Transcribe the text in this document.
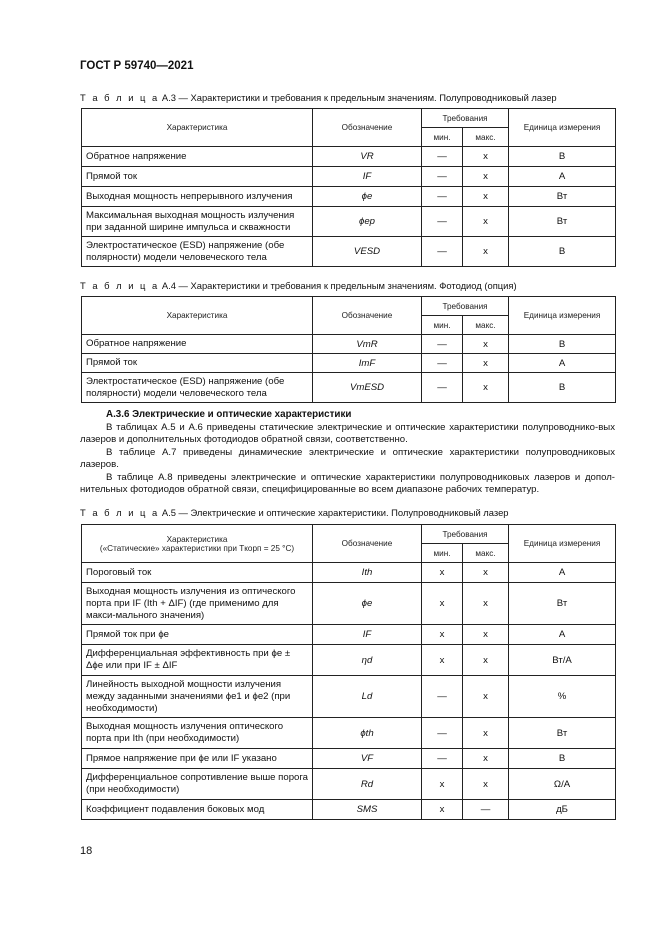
ГОСТ Р 59740—2021
Т а б л и ц а А.3 — Характеристики и требования к предельным значениям. Полупроводниковый лазер
Характеристика	Обозначение	Требования		Единица измерения
		мин.	макс.	
Обратное напряжение	VR	—	x	В
Прямой ток	IF	—	x	А
Выходная мощность непрерывного излучения	ϕe	—	x	Вт
Максимальная выходная мощность излучения при заданной ширине импульса и скважности	ϕep	—	x	Вт
Электростатическое (ESD) напряжение (обе полярности) модели человеческого тела	VESD	—	x	В
Т а б л и ц а А.4 — Характеристики и требования к предельным значениям. Фотодиод (опция)
Характеристика	Обозначение	Требования		Единица измерения
		мин.	макс.	
Обратное напряжение	VmR	—	x	В
Прямой ток	ImF	—	x	А
Электростатическое (ESD) напряжение (обе полярности) модели человеческого тела	VmESD	—	x	В
А.3.6 Электрические и оптические характеристики
В таблицах А.5 и А.6 приведены статические электрические и оптические характеристики полупроводнико-вых лазеров и дополнительных фотодиодов обратной связи, соответственно.
В таблице А.7 приведены динамические электрические и оптические характеристики полупроводниковых лазеров.
В таблице А.8 приведены электрические и оптические характеристики полупроводниковых лазеров и допол-нительных фотодиодов обратной связи, специфицированные во всем диапазоне рабочих температур.
Т а б л и ц а А.5 — Электрические и оптические характеристики. Полупроводниковый лазер
Характеристика
(«Статические» характеристики при Tкорп = 25 °С)	Обозначение	Требования		Единица измерения
		мин.	макс.	
Пороговый ток	Ith	x	x	А
Выходная мощность излучения из оптического порта при IF (Ith + ΔIF) (где применимо для макси-мального значения)	ϕe	x	x	Вт
Прямой ток при ϕe	IF	x	x	А
Дифференциальная эффективность при ϕe ± Δϕe или при IF ± ΔIF	ηd	x	x	Вт/А
Линейность выходной мощности излучения между заданными значениями ϕe1 и ϕe2 (при необходимости)	Ld	—	x	%
Выходная мощность излучения оптического порта при Ith (при необходимости)	ϕth	—	x	Вт
Прямое напряжение при ϕe или IF указано	VF	—	x	В
Дифференциальное сопротивление выше порога (при необходимости)	Rd	x	x	Ω/А
Коэффициент подавления боковых мод	SMS	x	—	дБ
18
